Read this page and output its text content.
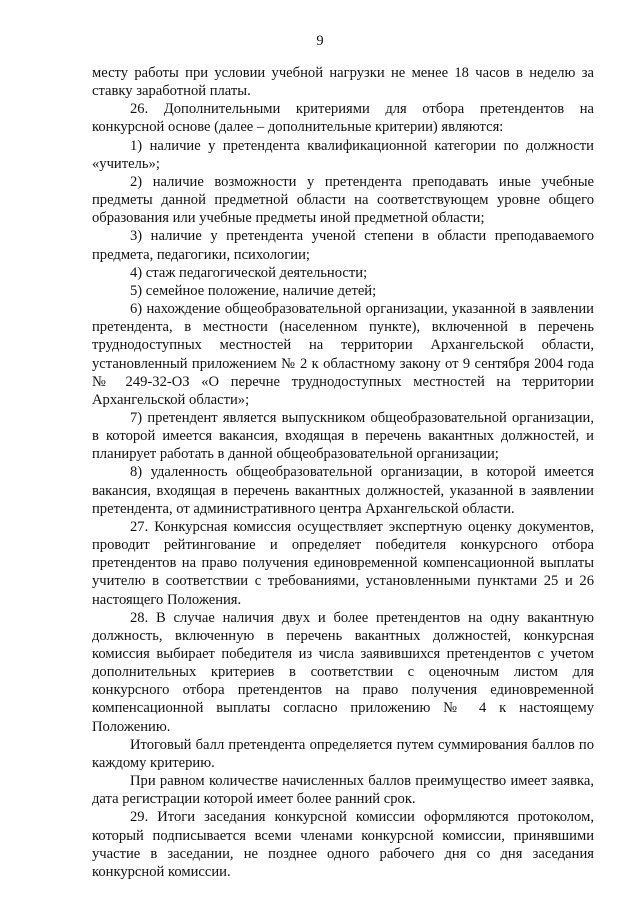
9

месту работы при условии учебной нагрузки не менее 18 часов в неделю за ставку заработной платы.

26. Дополнительными критериями для отбора претендентов на конкурсной основе (далее – дополнительные критерии) являются:

1) наличие у претендента квалификационной категории по должности «учитель»;

2) наличие возможности у претендента преподавать иные учебные предметы данной предметной области на соответствующем уровне общего образования или учебные предметы иной предметной области;

3) наличие у претендента ученой степени в области преподаваемого предмета, педагогики, психологии;

4) стаж педагогической деятельности;

5) семейное положение, наличие детей;

6) нахождение общеобразовательной организации, указанной в заявлении претендента, в местности (населенном пункте), включенной в перечень труднодоступных местностей на территории Архангельской области, установленный приложением № 2 к областному закону от 9 сентября 2004 года № 249-32-ОЗ «О перечне труднодоступных местностей на территории Архангельской области»;

7) претендент является выпускником общеобразовательной организации, в которой имеется вакансия, входящая в перечень вакантных должностей, и планирует работать в данной общеобразовательной организации;

8) удаленность общеобразовательной организации, в которой имеется вакансия, входящая в перечень вакантных должностей, указанной в заявлении претендента, от административного центра Архангельской области.

27. Конкурсная комиссия осуществляет экспертную оценку документов, проводит рейтингование и определяет победителя конкурсного отбора претендентов на право получения единовременной компенсационной выплаты учителю в соответствии с требованиями, установленными пунктами 25 и 26 настоящего Положения.

28. В случае наличия двух и более претендентов на одну вакантную должность, включенную в перечень вакантных должностей, конкурсная комиссия выбирает победителя из числа заявившихся претендентов с учетом дополнительных критериев в соответствии с оценочным листом для конкурсного отбора претендентов на право получения единовременной компенсационной выплаты согласно приложению № 4 к настоящему Положению.

Итоговый балл претендента определяется путем суммирования баллов по каждому критерию.

При равном количестве начисленных баллов преимущество имеет заявка, дата регистрации которой имеет более ранний срок.

29. Итоги заседания конкурсной комиссии оформляются протоколом, который подписывается всеми членами конкурсной комиссии, принявшими участие в заседании, не позднее одного рабочего дня со дня заседания конкурсной комиссии.
